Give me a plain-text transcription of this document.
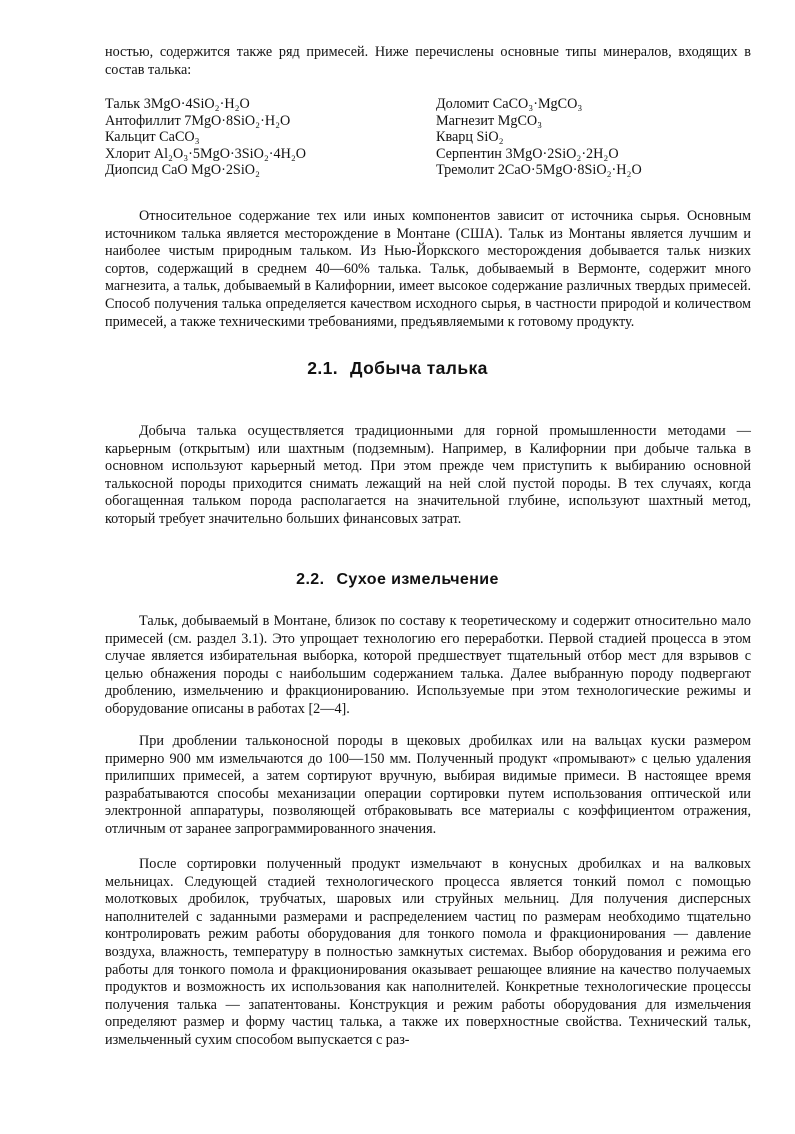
ностью, содержится также ряд примесей. Ниже перечислены основные типы минералов, входящих в состав талька:

Тальк 3MgO·4SiO₂·H₂O
Антофиллит 7MgO·8SiO₂·H₂O
Кальцит CaCO₃
Хлорит Al₂O₃·5MgO·3SiO₂·4H₂O
Диопсид CaO MgO·2SiO₂
Доломит CaCO₃·MgCO₃
Магнезит MgCO₃
Кварц SiO₂
Серпентин 3MgO·2SiO₂·2H₂O
Тремолит 2CaO·5MgO·8SiO₂·H₂O

Относительное содержание тех или иных компонентов зависит от источника сырья. Основным источником талька является месторождение в Монтане (США). Тальк из Монтаны является лучшим и наиболее чистым природным тальком. Из Нью-Йоркского месторождения добывается тальк низких сортов, содержащий в среднем 40—60% талька. Тальк, добываемый в Вермонте, содержит много магнезита, а тальк, добываемый в Калифорнии, имеет высокое содержание различных твердых примесей. Способ получения талька определяется качеством исходного сырья, в частности природой и количеством примесей, а также техническими требованиями, предъявляемыми к готовому продукту.

2.1. Добыча талька

Добыча талька осуществляется традиционными для горной промышленности методами — карьерным (открытым) или шахтным (подземным). Например, в Калифорнии при добыче талька в основном используют карьерный метод. При этом прежде чем приступить к выбиранию основной талькоcной породы приходится снимать лежащий на ней слой пустой породы. В тех случаях, когда обогащенная тальком порода располагается на значительной глубине, используют шахтный метод, который требует значительно больших финансовых затрат.

2.2. Сухое измельчение

Тальк, добываемый в Монтане, близок по составу к теоретическому и содержит относительно мало примесей (см. раздел 3.1). Это упрощает технологию его переработки. Первой стадией процесса в этом случае является избирательная выборка, которой предшествует тщательный отбор мест для взрывов с целью обнажения породы с наибольшим содержанием талька. Далее выбранную породу подвергают дроблению, измельчению и фракционированию. Используемые при этом технологические режимы и оборудование описаны в работах [2—4].

При дроблении тальконосной породы в щековых дробилках или на вальцах куски размером примерно 900 мм измельчаются до 100—150 мм. Полученный продукт «промывают» с целью удаления прилипших примесей, а затем сортируют вручную, выбирая видимые примеси. В настоящее время разрабатываются способы механизации операции сортировки путем использования оптической или электронной аппаратуры, позволяющей отбраковывать все материалы с коэффициентом отражения, отличным от заранее запрограммированного значения.

После сортировки полученный продукт измельчают в конусных дробилках и на валковых мельницах. Следующей стадией технологического процесса является тонкий помол с помощью молотковых дробилок, трубчатых, шаровых или струйных мельниц. Для получения дисперсных наполнителей с заданными размерами и распределением частиц по размерам необходимо тщательно контролировать режим работы оборудования для тонкого помола и фракционирования — давление воздуха, влажность, температуру в полностью замкнутых системах. Выбор оборудования и режима его работы для тонкого помола и фракционирования оказывает решающее влияние на качество получаемых продуктов и возможность их использования как наполнителей. Конкретные технологические процессы получения талька — запатентованы. Конструкция и режим работы оборудования для измельчения определяют размер и форму частиц талька, а также их поверхностные свойства. Технический тальк, измельченный сухим способом выпускается с раз-
